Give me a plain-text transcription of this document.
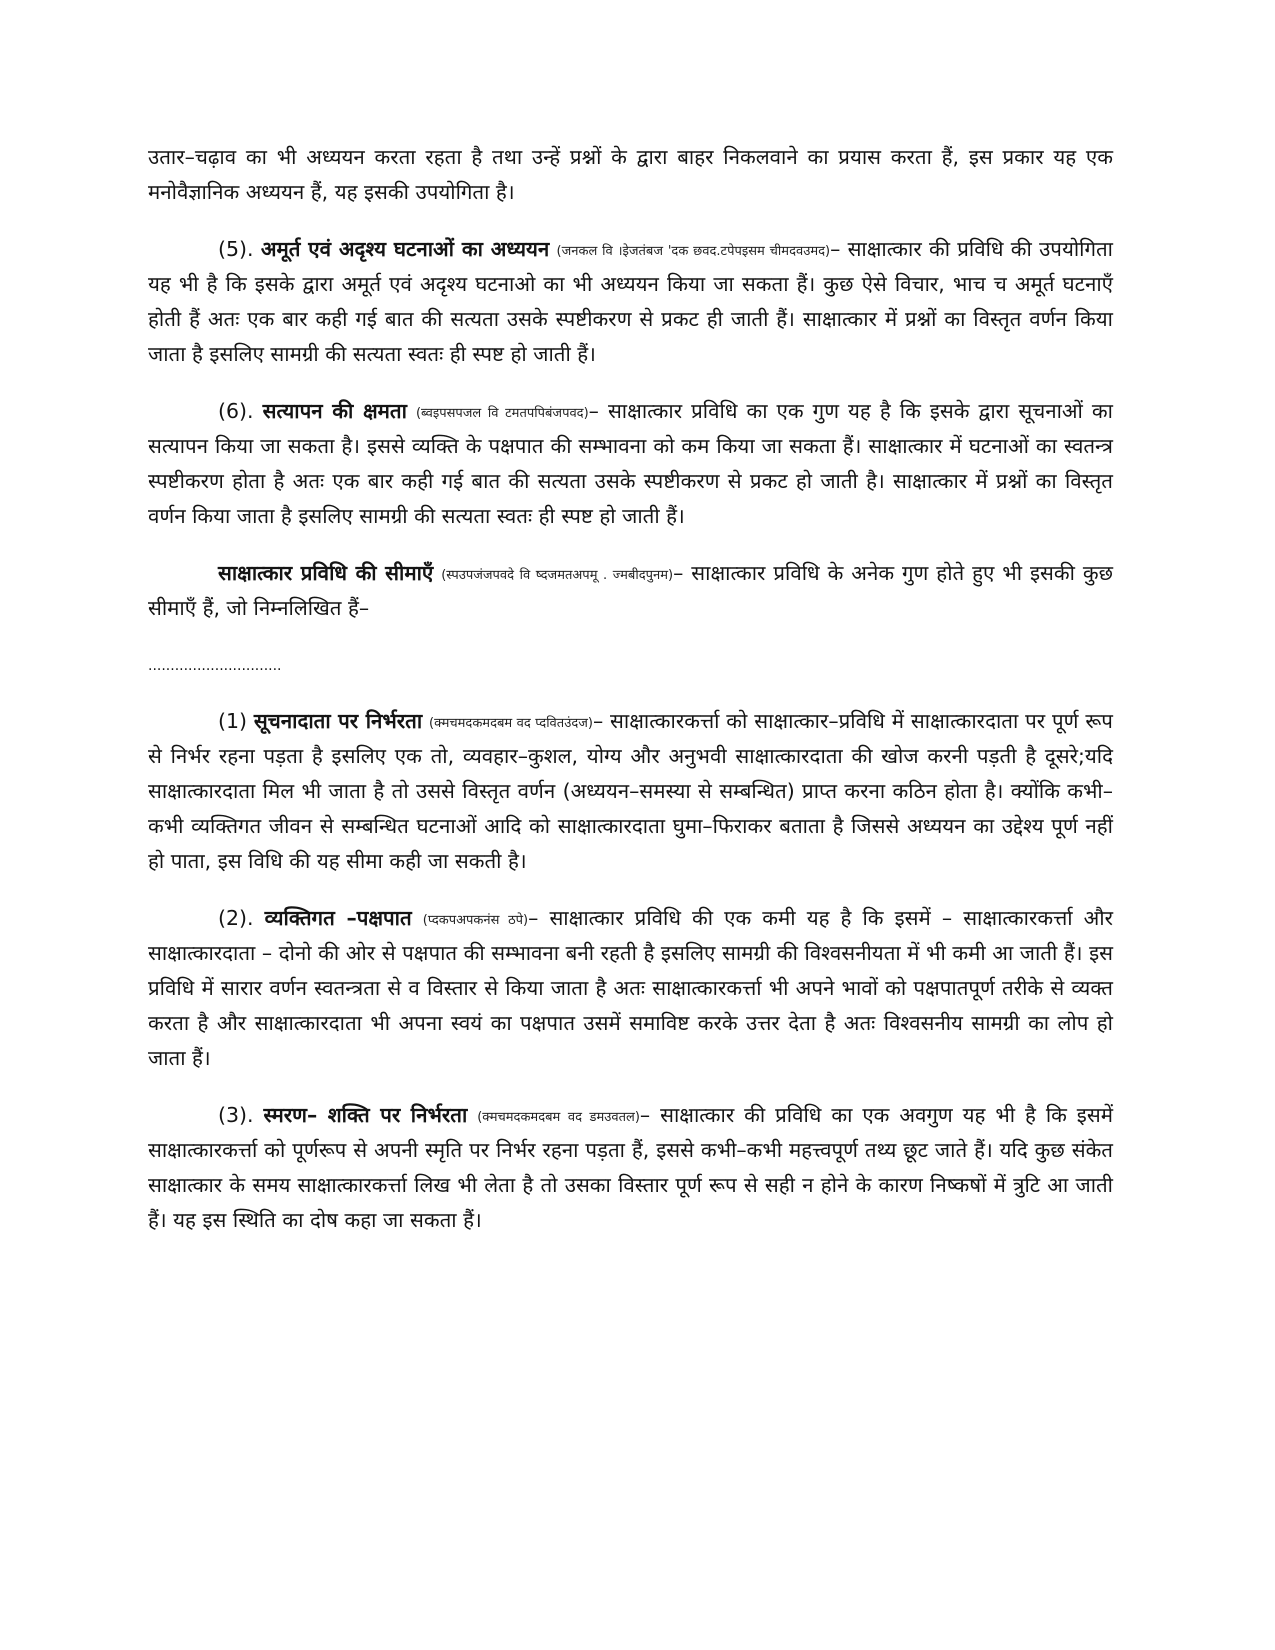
उतार–चढ़ाव का भी अध्ययन करता रहता है तथा उन्हें प्रश्नों के द्वारा बाहर निकलवाने का प्रयास करता हैं, इस प्रकार यह एक मनोवैज्ञानिक अध्ययन हैं, यह इसकी उपयोगिता है।

(5). अमूर्त एवं अदृश्य घटनाओं का अध्ययन (जनकल वि ।इेजतंबज 'दक छवद.टपेपइसम चीमदवउमद)– साक्षात्कार की प्रविधि की उपयोगिता यह भी है कि इसके द्वारा अमूर्त एवं अदृश्य घटनाओ का भी अध्ययन किया जा सकता हैं। कुछ ऐसे विचार, भाच च अमूर्त घटनाएँ होती हैं अतः एक बार कही गई बात की सत्यता उसके स्पष्टीकरण से प्रकट ही जाती हैं। साक्षात्कार में प्रश्नों का विस्तृत वर्णन किया जाता है इसलिए सामग्री की सत्यता स्वतः ही स्पष्ट हो जाती हैं।

(6). सत्यापन की क्षमता (ब्वइपसपजल वि टमतपपिबंजपवद)– साक्षात्कार प्रविधि का एक गुण यह है कि इसके द्वारा सूचनाओं का सत्यापन किया जा सकता है। इससे व्यक्ति के पक्षपात की सम्भावना को कम किया जा सकता हैं। साक्षात्कार में घटनाओं का स्वतन्त्र स्पष्टीकरण होता है अतः एक बार कही गई बात की सत्यता उसके स्पष्टीकरण से प्रकट हो जाती है। साक्षात्कार में प्रश्नों का विस्तृत वर्णन किया जाता है इसलिए सामग्री की सत्यता स्वतः ही स्पष्ट हो जाती हैं।

साक्षात्कार प्रविधि की सीमाएँ (स्पउपजंजपवदे वि ष्दजमतअपमू . ज्मबीदपुनम)– साक्षात्कार प्रविधि के अनेक गुण होते हुए भी इसकी कुछ सीमाएँ हैं, जो निम्नलिखित हैं–

..............................

(1) सूचनादाता पर निर्भरता (क्मचमदकमदबम वद प्दवितउंदज)– साक्षात्कारकर्त्ता को साक्षात्कार–प्रविधि में साक्षात्कारदाता पर पूर्ण रूप से निर्भर रहना पड़ता है इसलिए एक तो, व्यवहार–कुशल, योग्य और अनुभवी साक्षात्कारदाता की खोज करनी पड़ती है दूसरे;यदि साक्षात्कारदाता मिल भी जाता है तो उससे विस्तृत वर्णन (अध्ययन–समस्या से सम्बन्धित) प्राप्त करना कठिन होता है। क्योंकि कभी–कभी व्यक्तिगत जीवन से सम्बन्धित घटनाओं आदि को साक्षात्कारदाता घुमा–फिराकर बताता है जिससे अध्ययन का उद्देश्य पूर्ण नहीं हो पाता, इस विधि की यह सीमा कही जा सकती है।

(2). व्यक्तिगत –पक्षपात (प्दकपअपकनंस ठपे)– साक्षात्कार प्रविधि की एक कमी यह है कि इसमें – साक्षात्कारकर्त्ता और साक्षात्कारदाता – दोनो की ओर से पक्षपात की सम्भावना बनी रहती है इसलिए सामग्री की विश्वसनीयता में भी कमी आ जाती हैं। इस प्रविधि में सारार वर्णन स्वतन्त्रता से व विस्तार से किया जाता है अतः साक्षात्कारकर्त्ता भी अपने भावों को पक्षपातपूर्ण तरीके से व्यक्त करता है और साक्षात्कारदाता भी अपना स्वयं का पक्षपात उसमें समाविष्ट करके उत्तर देता है अतः विश्वसनीय सामग्री का लोप हो जाता हैं।

(3). स्मरण– शक्ति पर निर्भरता (क्मचमदकमदबम वद डमउवतल)– साक्षात्कार की प्रविधि का एक अवगुण यह भी है कि इसमें साक्षात्कारकर्त्ता को पूर्णरूप से अपनी स्मृति पर निर्भर रहना पड़ता हैं, इससे कभी–कभी महत्त्वपूर्ण तथ्य छूट जाते हैं। यदि कुछ संकेत साक्षात्कार के समय साक्षात्कारकर्त्ता लिख भी लेता है तो उसका विस्तार पूर्ण रूप से सही न होने के कारण निष्कषों में त्रुटि आ जाती हैं। यह इस स्थिति का दोष कहा जा सकता हैं।
